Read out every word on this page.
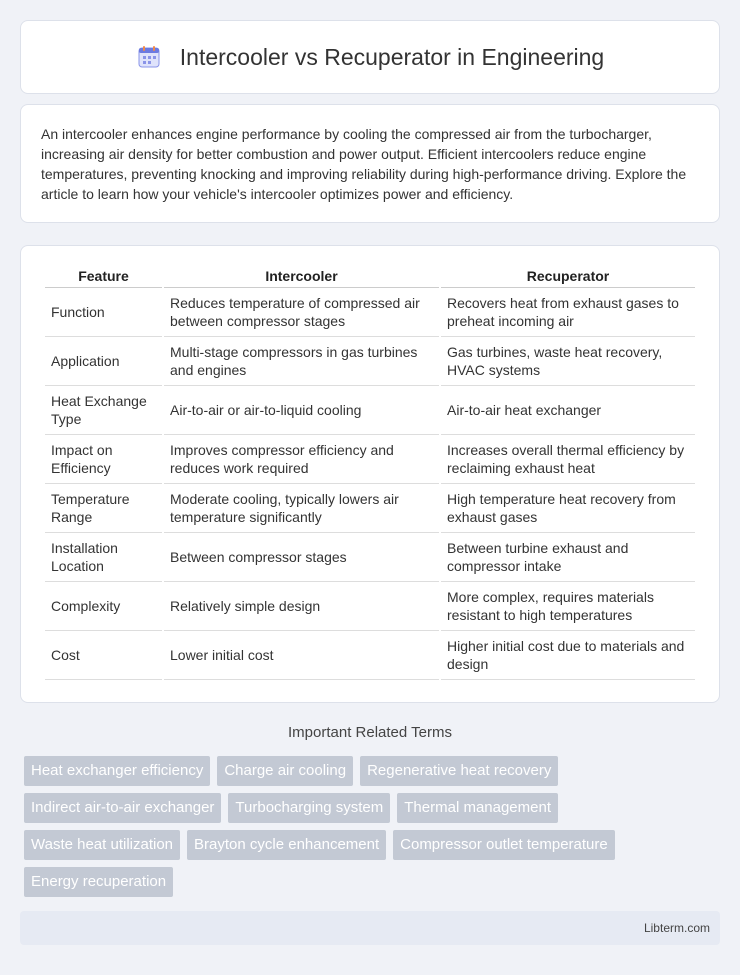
Intercooler vs Recuperator in Engineering

An intercooler enhances engine performance by cooling the compressed air from the turbocharger, increasing air density for better combustion and power output. Efficient intercoolers reduce engine temperatures, preventing knocking and improving reliability during high-performance driving. Explore the article to learn how your vehicle's intercooler optimizes power and efficiency.

Feature	Intercooler	Recuperator
Function	Reduces temperature of compressed air between compressor stages	Recovers heat from exhaust gases to preheat incoming air
Application	Multi-stage compressors in gas turbines and engines	Gas turbines, waste heat recovery, HVAC systems
Heat Exchange Type	Air-to-air or air-to-liquid cooling	Air-to-air heat exchanger
Impact on Efficiency	Improves compressor efficiency and reduces work required	Increases overall thermal efficiency by reclaiming exhaust heat
Temperature Range	Moderate cooling, typically lowers air temperature significantly	High temperature heat recovery from exhaust gases
Installation Location	Between compressor stages	Between turbine exhaust and compressor intake
Complexity	Relatively simple design	More complex, requires materials resistant to high temperatures
Cost	Lower initial cost	Higher initial cost due to materials and design
Important Related Terms
Heat exchanger efficiency	Charge air cooling	Regenerative heat recovery
Indirect air-to-air exchanger	Turbocharging system	Thermal management
Waste heat utilization	Brayton cycle enhancement	Compressor outlet temperature
Energy recuperation
Libterm.com
